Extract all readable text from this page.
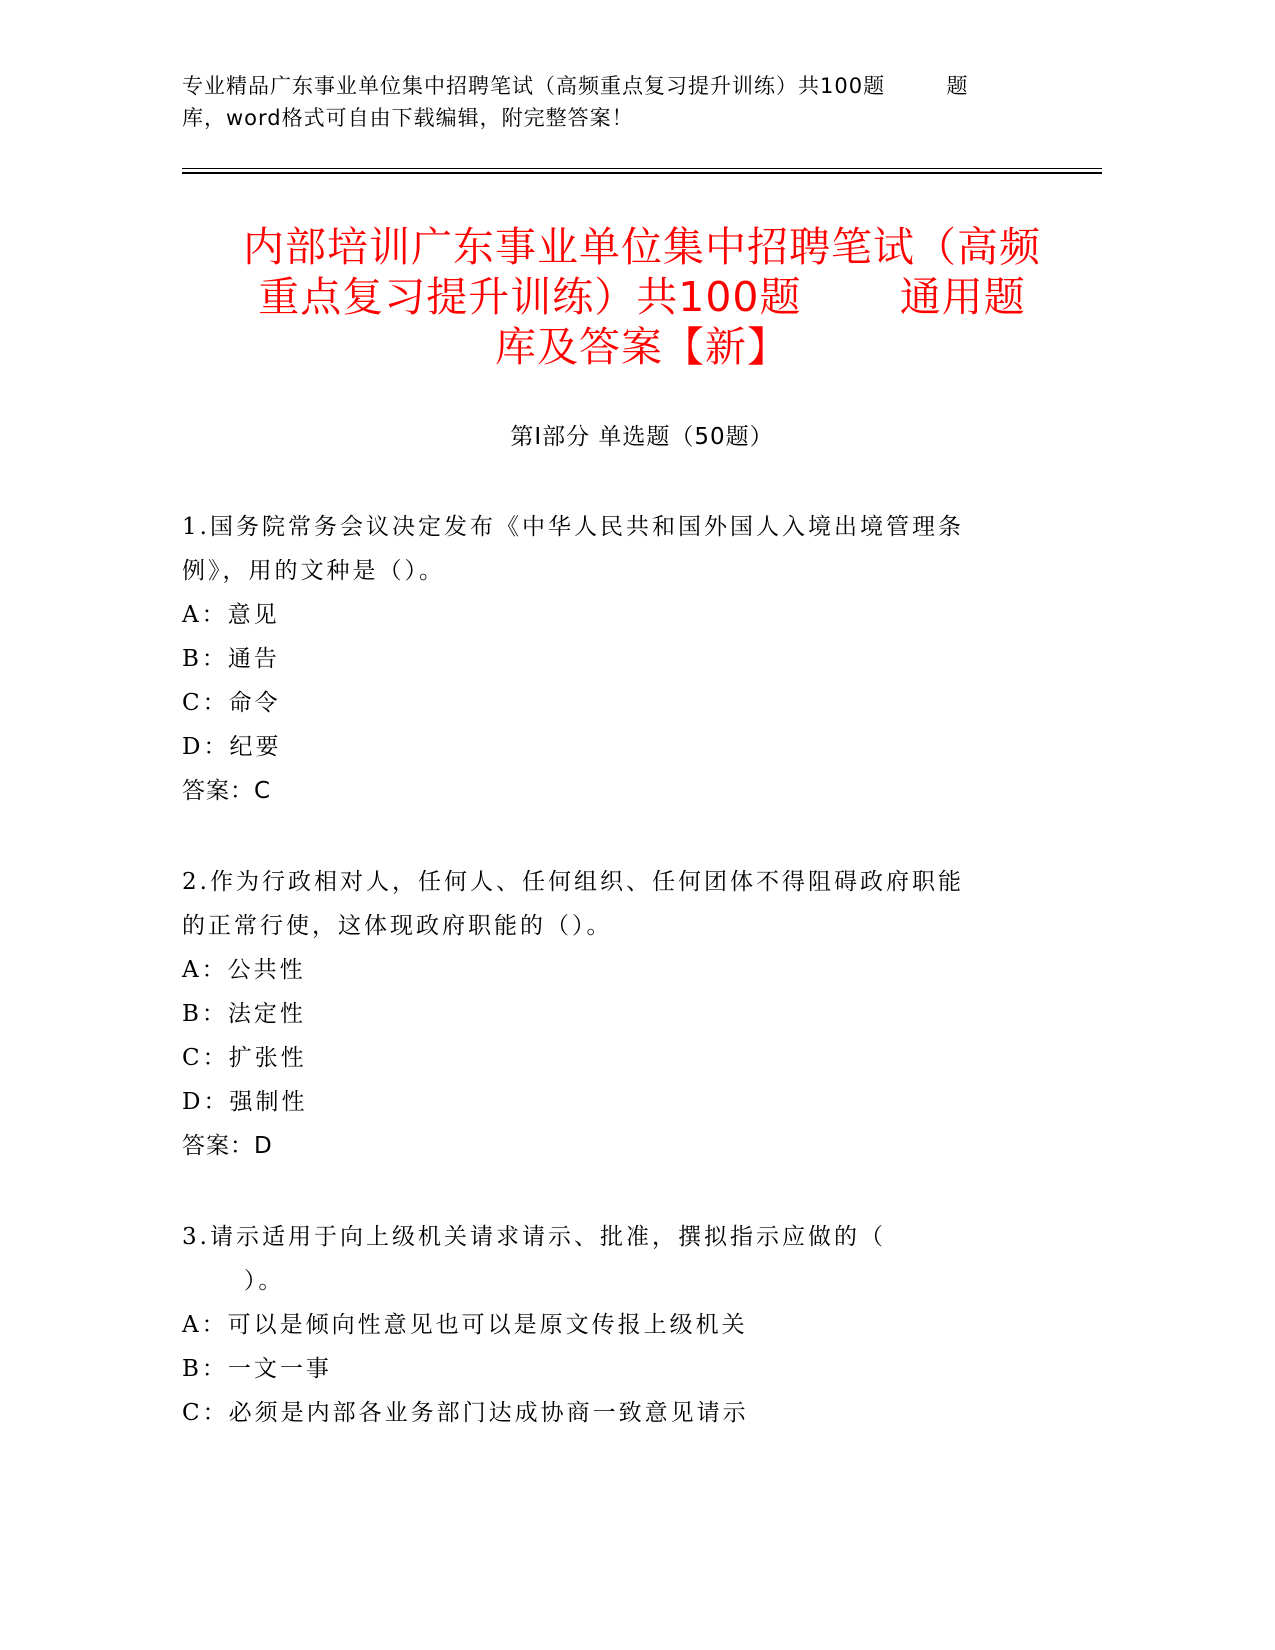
专业精品广东事业单位集中招聘笔试（高频重点复习提升训练）共100题        题
库，word格式可自由下载编辑，附完整答案！
内部培训广东事业单位集中招聘笔试（高频
重点复习提升训练）共100题       通用题
库及答案【新】
第Ⅰ部分 单选题（50题）
1.国务院常务会议决定发布《中华人民共和国外国人入境出境管理条
例》，用的文种是（）。
A：意见
B：通告
C：命令
D：纪要
答案：C
2.作为行政相对人，任何人、任何组织、任何团体不得阻碍政府职能
的正常行使，这体现政府职能的（）。
A：公共性
B：法定性
C：扩张性
D：强制性
答案：D
3.请示适用于向上级机关请求请示、批准，撰拟指示应做的（
）。
A：可以是倾向性意见也可以是原文传报上级机关
B：一文一事
C：必须是内部各业务部门达成协商一致意见请示
